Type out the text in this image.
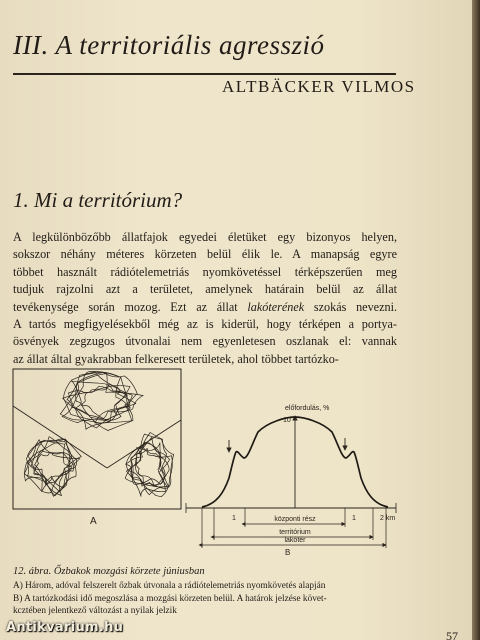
III. A territoriális agresszió
ALTBÄCKER VILMOS
1. Mi a territórium?
A legkülönbözőbb állatfajok egyedei életüket egy bizonyos helyen,
sokszor néhány méteres körzeten belül élik le. A manapság egyre
többet használt rádiótelemetriás nyomkövetéssel térképszerűen meg
tudjuk rajzolni azt a területet, amelynek határain belül az állat
tevékenysége során mozog. Ezt az állat lakóterének szokás nevezni.
A tartós megfigyelésekből még az is kiderül, hogy térképen a portya-
ösvények zegzugos útvonalai nem egyenletesen oszlanak el: vannak
az állat által gyakrabban felkeresett területek, ahol többet tartózko-
A
előfordulás, %
10
1	1	2 km
központi rész
territórium
lakótér
B
12. ábra. Őzbakok mozgási körzete júniusban
A) Három, adóval felszerelt őzbak útvonala a rádiótelemetriás nyomkövetés alapján
B) A tartózkodási idő megoszlása a mozgási körzeten belül. A határok jelzése követ-
kcztében jelentkező változást a nyilak jelzik
57
Antikvarium.hu
